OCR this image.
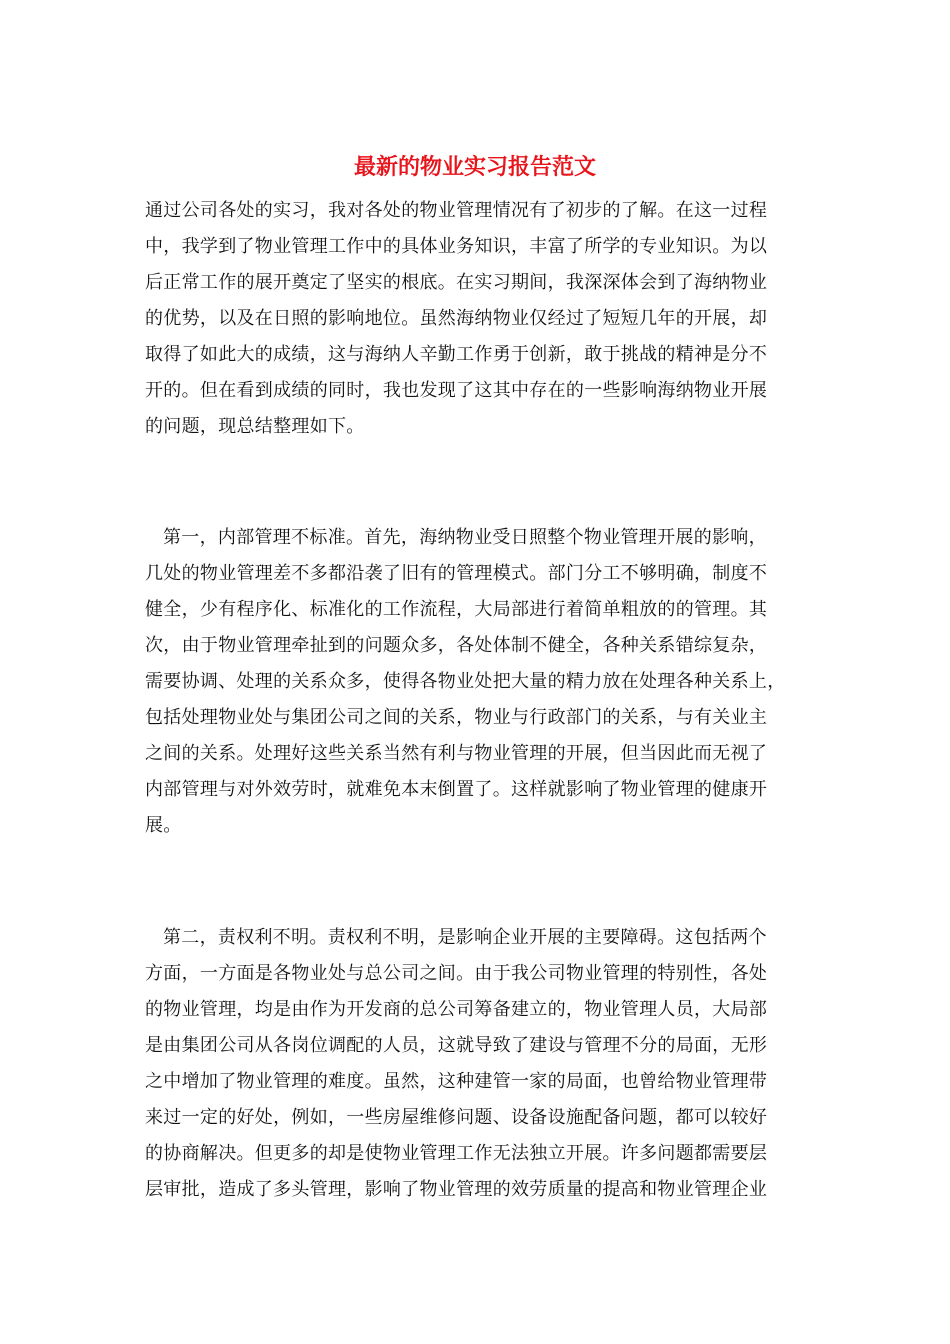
最新的物业实习报告范文
通过公司各处的实习，我对各处的物业管理情况有了初步的了解。在这一过程
中，我学到了物业管理工作中的具体业务知识，丰富了所学的专业知识。为以
后正常工作的展开奠定了坚实的根底。在实习期间，我深深体会到了海纳物业
的优势，以及在日照的影响地位。虽然海纳物业仅经过了短短几年的开展，却
取得了如此大的成绩，这与海纳人辛勤工作勇于创新，敢于挑战的精神是分不
开的。但在看到成绩的同时，我也发现了这其中存在的一些影响海纳物业开展
的问题，现总结整理如下。
第一，内部管理不标准。首先，海纳物业受日照整个物业管理开展的影响，
几处的物业管理差不多都沿袭了旧有的管理模式。部门分工不够明确，制度不
健全，少有程序化、标准化的工作流程，大局部进行着简单粗放的的管理。其
次，由于物业管理牵扯到的问题众多，各处体制不健全，各种关系错综复杂，
需要协调、处理的关系众多，使得各物业处把大量的精力放在处理各种关系上，
包括处理物业处与集团公司之间的关系，物业与行政部门的关系，与有关业主
之间的关系。处理好这些关系当然有利与物业管理的开展，但当因此而无视了
内部管理与对外效劳时，就难免本末倒置了。这样就影响了物业管理的健康开
展。
第二，责权利不明。责权利不明，是影响企业开展的主要障碍。这包括两个
方面，一方面是各物业处与总公司之间。由于我公司物业管理的特别性，各处
的物业管理，均是由作为开发商的总公司筹备建立的，物业管理人员，大局部
是由集团公司从各岗位调配的人员，这就导致了建设与管理不分的局面，无形
之中增加了物业管理的难度。虽然，这种建管一家的局面，也曾给物业管理带
来过一定的好处，例如，一些房屋维修问题、设备设施配备问题，都可以较好
的协商解决。但更多的却是使物业管理工作无法独立开展。许多问题都需要层
层审批，造成了多头管理，影响了物业管理的效劳质量的提高和物业管理企业
